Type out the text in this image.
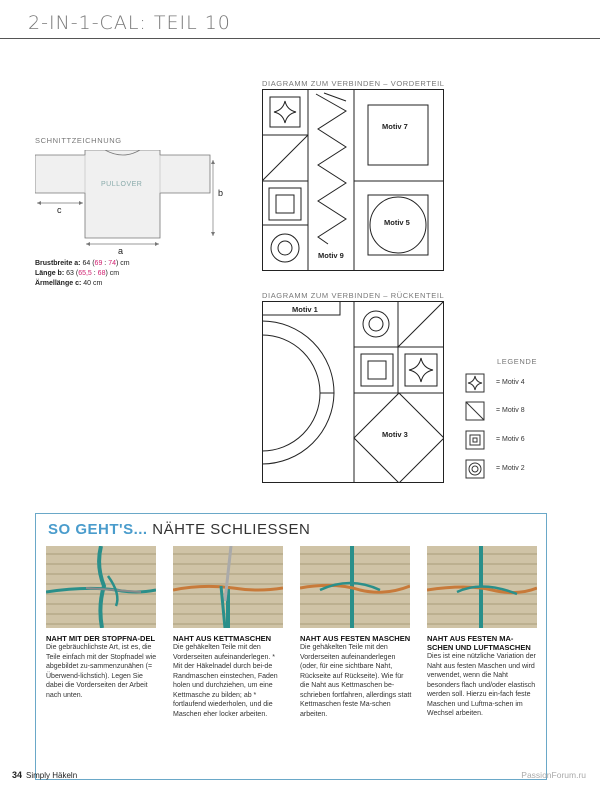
2-IN-1-CAL: TEIL 10
SCHNITTZEICHNUNG
PULLOVER
c
a
b
Brustbreite a: 64 (69 : 74) cm
Länge b: 63 (65,5 : 68) cm
Ärmellänge c: 40 cm
DIAGRAMM ZUM VERBINDEN – VORDERTEIL
Motiv 7
Motiv 5
Motiv 9
DIAGRAMM ZUM VERBINDEN – RÜCKENTEIL
Motiv 1
Motiv 3
LEGENDE
= Motiv 4
= Motiv 8
= Motiv 6
= Motiv 2
SO GEHT'S... NÄHTE SCHLIESSEN
NAHT MIT DER STOPFNA-DEL
Die gebräuchlichste Art, ist es, die Teile einfach mit der Stopfnadel wie abgebildet zu-sammenzunähen (= Überwend-lichstich). Legen Sie dabei die Vorderseiten der Arbeit nach unten.
NAHT AUS KETTMASCHEN
Die gehäkelten Teile mit den Vorderseiten aufeinanderlegen. * Mit der Häkelnadel durch bei-de Randmaschen einstechen, Faden holen und durchziehen, um eine Kettmasche zu bilden; ab * fortlaufend wiederholen, und die Maschen eher locker arbeiten.
NAHT AUS FESTEN MASCHEN
Die gehäkelten Teile mit den Vorderseiten aufeinanderlegen (oder, für eine sichtbare Naht, Rückseite auf Rückseite). Wie für die Naht aus Kettmaschen be-schrieben fortfahren, allerdings statt Kettmaschen feste Ma-schen arbeiten.
NAHT AUS FESTEN MA-SCHEN UND LUFTMASCHEN
Dies ist eine nützliche Variation der Naht aus festen Maschen und wird verwendet, wenn die Naht besonders flach und/oder elastisch werden soll. Hierzu ein-fach feste Maschen und Luftma-schen im Wechsel arbeiten.
34 Simply Häkeln	PassionForum.ru
